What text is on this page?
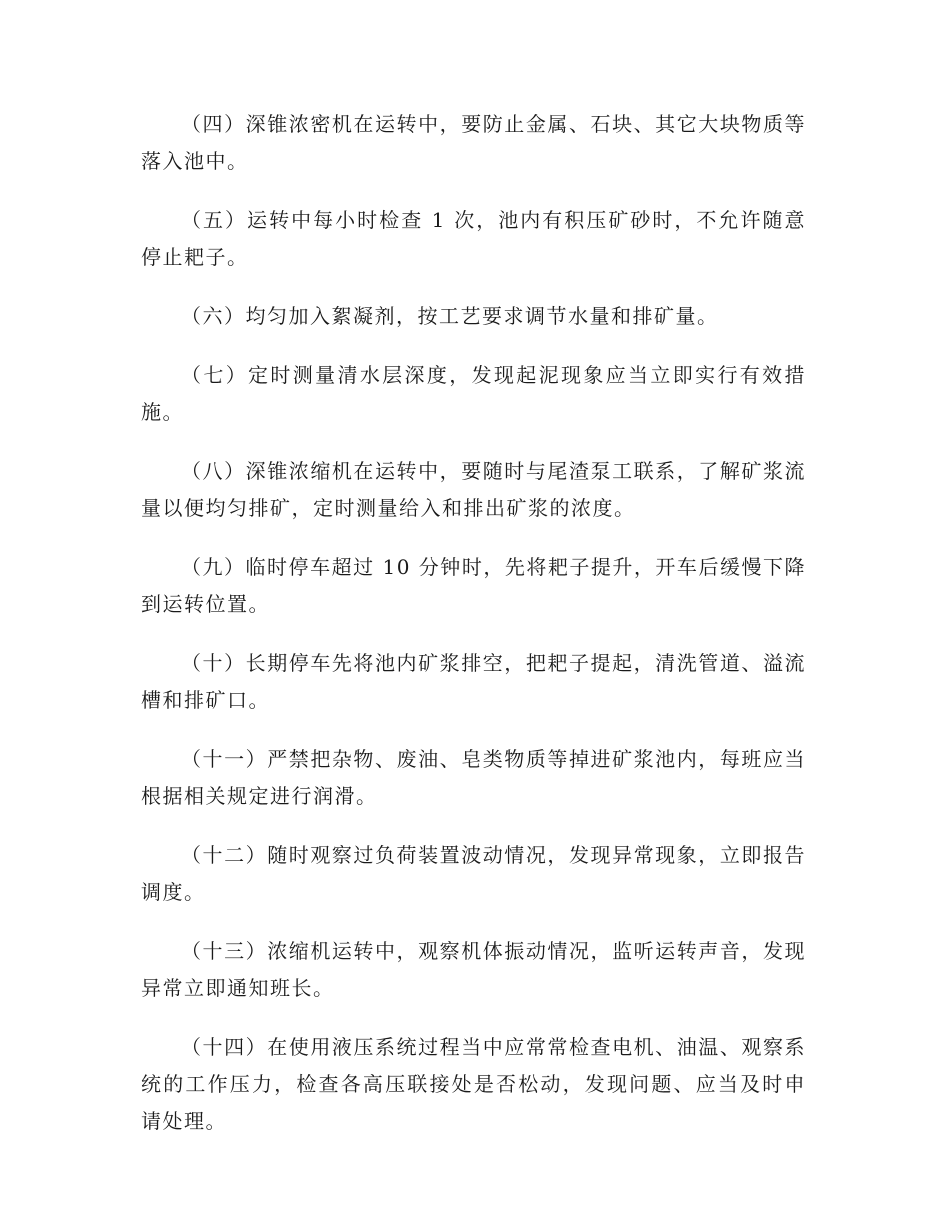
（四）深锥浓密机在运转中，要防止金属、石块、其它大块物质等落入池中。

（五）运转中每小时检查 1 次，池内有积压矿砂时，不允许随意停止耙子。

（六）均匀加入絮凝剂，按工艺要求调节水量和排矿量。

（七）定时测量清水层深度，发现起泥现象应当立即实行有效措施。

（八）深锥浓缩机在运转中，要随时与尾渣泵工联系，了解矿浆流量以便均匀排矿，定时测量给入和排出矿浆的浓度。

（九）临时停车超过 10 分钟时，先将耙子提升，开车后缓慢下降到运转位置。

（十）长期停车先将池内矿浆排空，把耙子提起，清洗管道、溢流槽和排矿口。

（十一）严禁把杂物、废油、皂类物质等掉进矿浆池内，每班应当根据相关规定进行润滑。

（十二）随时观察过负荷装置波动情况，发现异常现象，立即报告调度。

（十三）浓缩机运转中，观察机体振动情况，监听运转声音，发现异常立即通知班长。

（十四）在使用液压系统过程当中应常常检查电机、油温、观察系统的工作压力，检查各高压联接处是否松动，发现问题、应当及时申请处理。
